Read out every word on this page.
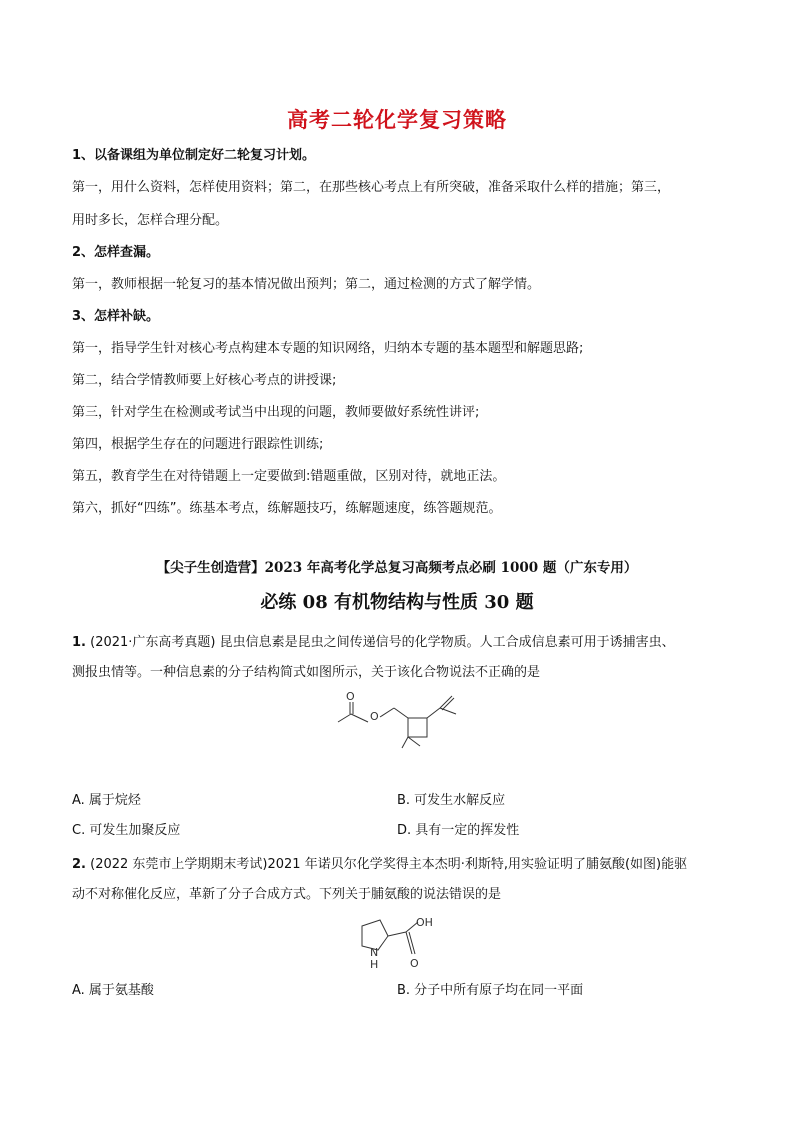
高考二轮化学复习策略
1、以备课组为单位制定好二轮复习计划。
第一，用什么资料，怎样使用资料；第二，在那些核心考点上有所突破，准备采取什么样的措施；第三，
用时多长，怎样合理分配。
2、怎样查漏。
第一，教师根据一轮复习的基本情况做出预判；第二，通过检测的方式了解学情。
3、怎样补缺。
第一，指导学生针对核心考点构建本专题的知识网络，归纳本专题的基本题型和解题思路;
第二，结合学情教师要上好核心考点的讲授课;
第三，针对学生在检测或考试当中出现的问题，教师要做好系统性讲评;
第四，根据学生存在的问题进行跟踪性训练;
第五，教育学生在对待错题上一定要做到:错题重做，区别对待，就地正法。
第六，抓好“四练”。练基本考点，练解题技巧，练解题速度，练答题规范。
【尖子生创造营】2023 年高考化学总复习高频考点必刷 1000 题（广东专用）
必练 08 有机物结构与性质 30 题
1. (2021·广东高考真题) 昆虫信息素是昆虫之间传递信号的化学物质。人工合成信息素可用于诱捕害虫、
测报虫情等。一种信息素的分子结构简式如图所示，关于该化合物说法不正确的是
O
O
A. 属于烷烃	B. 可发生水解反应
C. 可发生加聚反应	D. 具有一定的挥发性
2. (2022 东莞市上学期期末考试)2021 年诺贝尔化学奖得主本杰明·利斯特,用实验证明了脯氨酸(如图)能驱
动不对称催化反应，革新了分子合成方式。下列关于脯氨酸的说法错误的是
OH
N
H	O
A. 属于氨基酸	B. 分子中所有原子均在同一平面
